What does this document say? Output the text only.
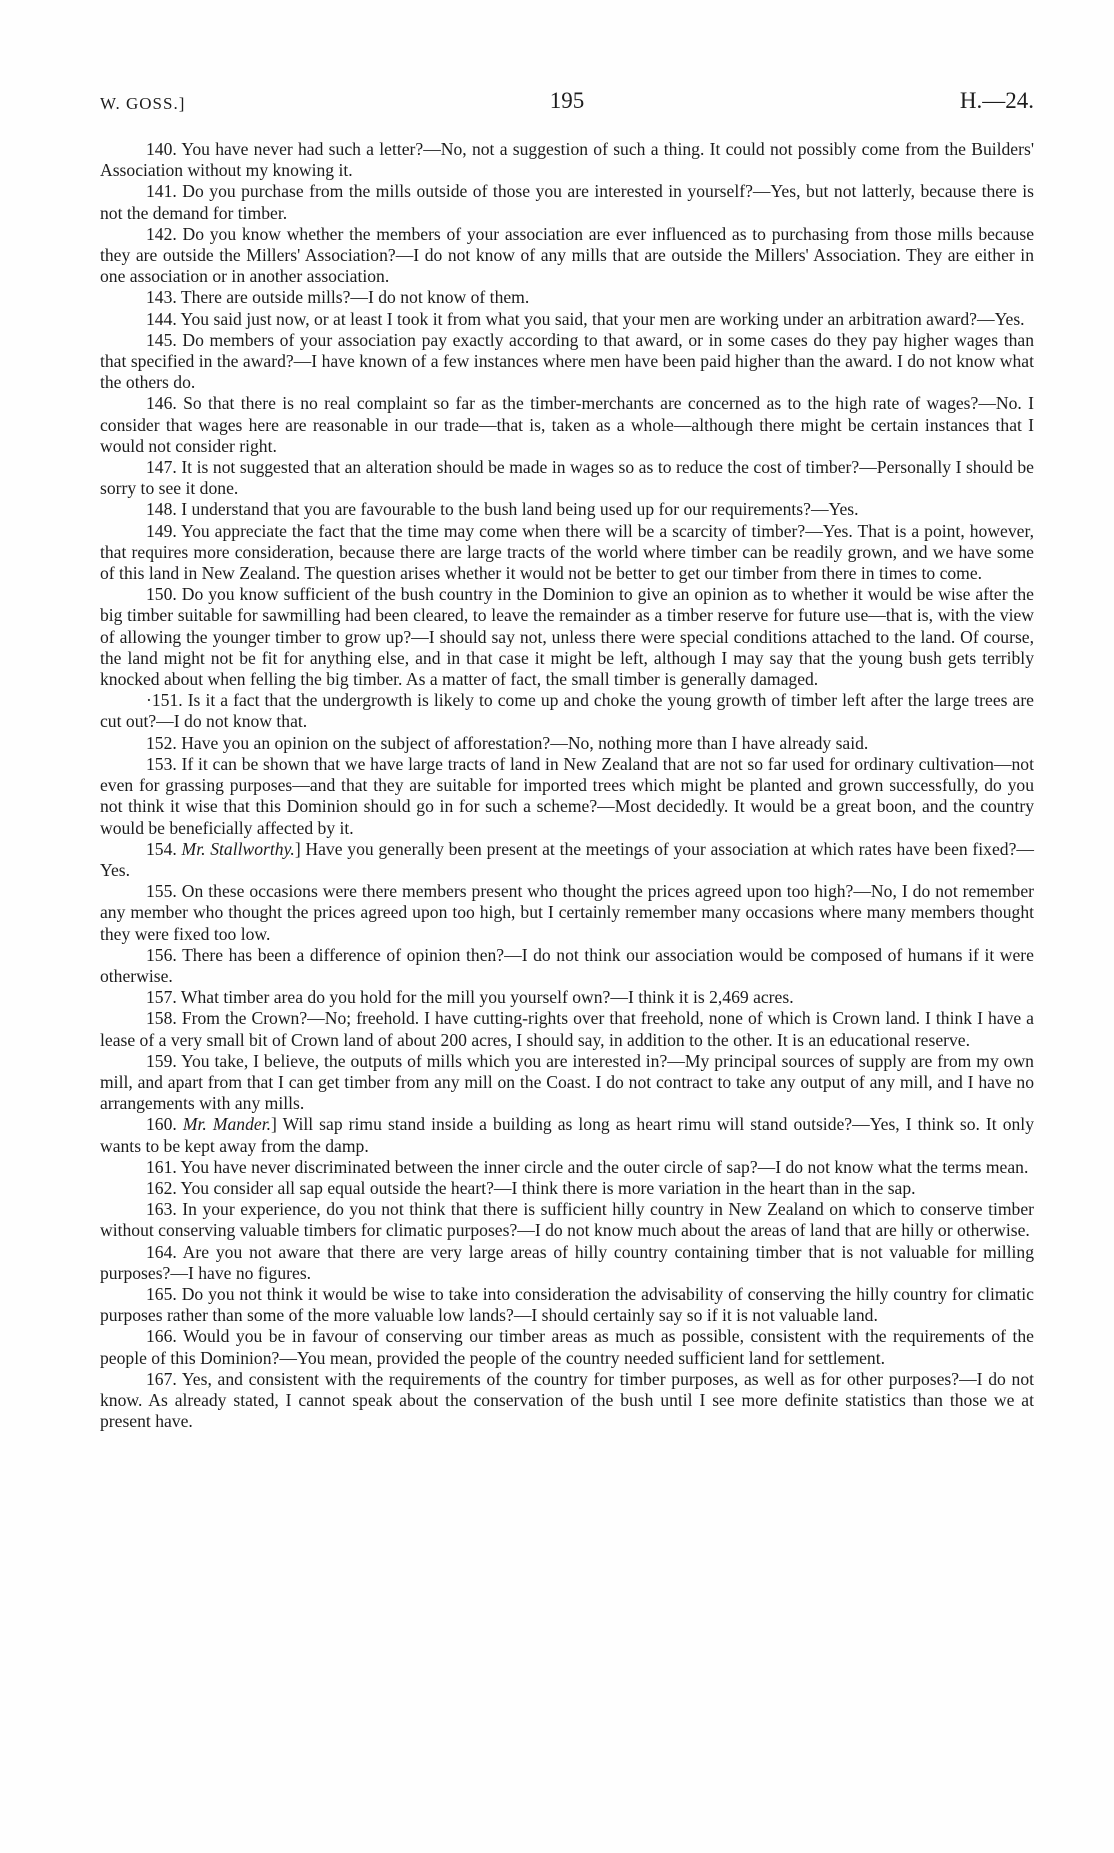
W. GOSS.]	195	H.—24.

140. You have never had such a letter?—No, not a suggestion of such a thing. It could not possibly come from the Builders' Association without my knowing it.

141. Do you purchase from the mills outside of those you are interested in yourself?—Yes, but not latterly, because there is not the demand for timber.

142. Do you know whether the members of your association are ever influenced as to purchasing from those mills because they are outside the Millers' Association?—I do not know of any mills that are outside the Millers' Association. They are either in one association or in another association.

143. There are outside mills?—I do not know of them.

144. You said just now, or at least I took it from what you said, that your men are working under an arbitration award?—Yes.

145. Do members of your association pay exactly according to that award, or in some cases do they pay higher wages than that specified in the award?—I have known of a few instances where men have been paid higher than the award. I do not know what the others do.

146. So that there is no real complaint so far as the timber-merchants are concerned as to the high rate of wages?—No. I consider that wages here are reasonable in our trade—that is, taken as a whole—although there might be certain instances that I would not consider right.

147. It is not suggested that an alteration should be made in wages so as to reduce the cost of timber?—Personally I should be sorry to see it done.

148. I understand that you are favourable to the bush land being used up for our requirements?—Yes.

149. You appreciate the fact that the time may come when there will be a scarcity of timber?—Yes. That is a point, however, that requires more consideration, because there are large tracts of the world where timber can be readily grown, and we have some of this land in New Zealand. The question arises whether it would not be better to get our timber from there in times to come.

150. Do you know sufficient of the bush country in the Dominion to give an opinion as to whether it would be wise after the big timber suitable for sawmilling had been cleared, to leave the remainder as a timber reserve for future use—that is, with the view of allowing the younger timber to grow up?—I should say not, unless there were special conditions attached to the land. Of course, the land might not be fit for anything else, and in that case it might be left, although I may say that the young bush gets terribly knocked about when felling the big timber. As a matter of fact, the small timber is generally damaged.

·151. Is it a fact that the undergrowth is likely to come up and choke the young growth of timber left after the large trees are cut out?—I do not know that.

152. Have you an opinion on the subject of afforestation?—No, nothing more than I have already said.

153. If it can be shown that we have large tracts of land in New Zealand that are not so far used for ordinary cultivation—not even for grassing purposes—and that they are suitable for imported trees which might be planted and grown successfully, do you not think it wise that this Dominion should go in for such a scheme?—Most decidedly. It would be a great boon, and the country would be beneficially affected by it.

154. Mr. Stallworthy.] Have you generally been present at the meetings of your association at which rates have been fixed?—Yes.

155. On these occasions were there members present who thought the prices agreed upon too high?—No, I do not remember any member who thought the prices agreed upon too high, but I certainly remember many occasions where many members thought they were fixed too low.

156. There has been a difference of opinion then?—I do not think our association would be composed of humans if it were otherwise.

157. What timber area do you hold for the mill you yourself own?—I think it is 2,469 acres.

158. From the Crown?—No; freehold. I have cutting-rights over that freehold, none of which is Crown land. I think I have a lease of a very small bit of Crown land of about 200 acres, I should say, in addition to the other. It is an educational reserve.

159. You take, I believe, the outputs of mills which you are interested in?—My principal sources of supply are from my own mill, and apart from that I can get timber from any mill on the Coast. I do not contract to take any output of any mill, and I have no arrangements with any mills.

160. Mr. Mander.] Will sap rimu stand inside a building as long as heart rimu will stand outside?—Yes, I think so. It only wants to be kept away from the damp.

161. You have never discriminated between the inner circle and the outer circle of sap?—I do not know what the terms mean.

162. You consider all sap equal outside the heart?—I think there is more variation in the heart than in the sap.

163. In your experience, do you not think that there is sufficient hilly country in New Zealand on which to conserve timber without conserving valuable timbers for climatic purposes?—I do not know much about the areas of land that are hilly or otherwise.

164. Are you not aware that there are very large areas of hilly country containing timber that is not valuable for milling purposes?—I have no figures.

165. Do you not think it would be wise to take into consideration the advisability of conserving the hilly country for climatic purposes rather than some of the more valuable low lands?—I should certainly say so if it is not valuable land.

166. Would you be in favour of conserving our timber areas as much as possible, consistent with the requirements of the people of this Dominion?—You mean, provided the people of the country needed sufficient land for settlement.

167. Yes, and consistent with the requirements of the country for timber purposes, as well as for other purposes?—I do not know. As already stated, I cannot speak about the conservation of the bush until I see more definite statistics than those we at present have.
